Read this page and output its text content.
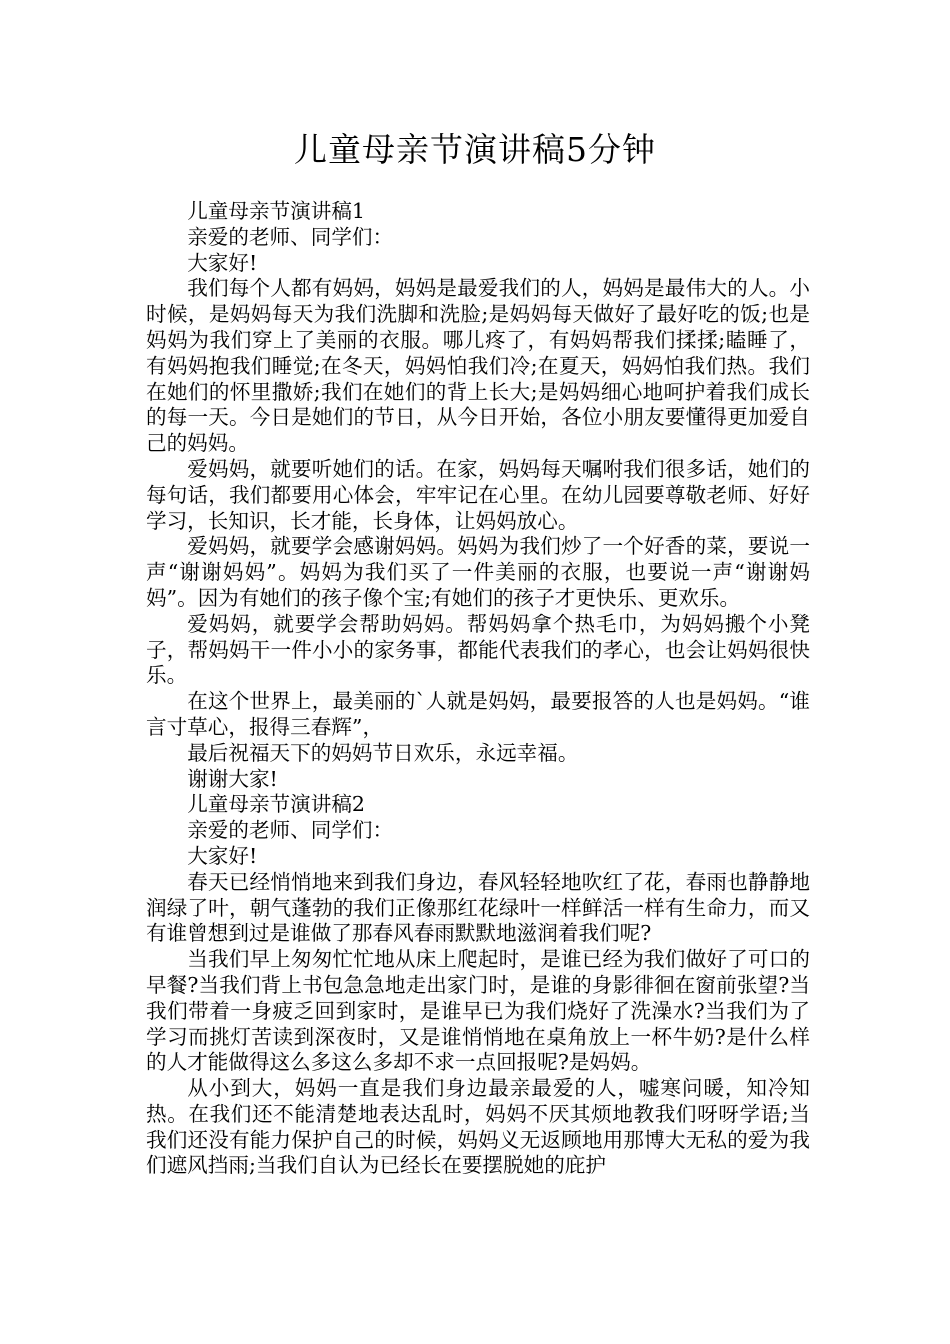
儿童母亲节演讲稿5分钟

儿童母亲节演讲稿1

亲爱的老师、同学们：

大家好!

我们每个人都有妈妈，妈妈是最爱我们的人，妈妈是最伟大的人。小时候，是妈妈每天为我们洗脚和洗脸;是妈妈每天做好了最好吃的饭;也是妈妈为我们穿上了美丽的衣服。哪儿疼了，有妈妈帮我们揉揉;瞌睡了，有妈妈抱我们睡觉;在冬天，妈妈怕我们冷;在夏天，妈妈怕我们热。我们在她们的怀里撒娇;我们在她们的背上长大;是妈妈细心地呵护着我们成长的每一天。今日是她们的节日，从今日开始，各位小朋友要懂得更加爱自己的妈妈。

爱妈妈，就要听她们的话。在家，妈妈每天嘱咐我们很多话，她们的每句话，我们都要用心体会，牢牢记在心里。在幼儿园要尊敬老师、好好学习，长知识，长才能，长身体，让妈妈放心。

爱妈妈，就要学会感谢妈妈。妈妈为我们炒了一个好香的菜，要说一声“谢谢妈妈”。妈妈为我们买了一件美丽的衣服，也要说一声“谢谢妈妈”。因为有她们的孩子像个宝;有她们的孩子才更快乐、更欢乐。

爱妈妈，就要学会帮助妈妈。帮妈妈拿个热毛巾，为妈妈搬个小凳子，帮妈妈干一件小小的家务事，都能代表我们的孝心，也会让妈妈很快乐。

在这个世界上，最美丽的`人就是妈妈，最要报答的人也是妈妈。“谁言寸草心，报得三春辉”，

最后祝福天下的妈妈节日欢乐，永远幸福。

谢谢大家!

儿童母亲节演讲稿2

亲爱的老师、同学们：

大家好!

春天已经悄悄地来到我们身边，春风轻轻地吹红了花，春雨也静静地润绿了叶，朝气蓬勃的我们正像那红花绿叶一样鲜活一样有生命力，而又有谁曾想到过是谁做了那春风春雨默默地滋润着我们呢?

当我们早上匆匆忙忙地从床上爬起时，是谁已经为我们做好了可口的早餐?当我们背上书包急急地走出家门时，是谁的身影徘徊在窗前张望?当我们带着一身疲乏回到家时，是谁早已为我们烧好了洗澡水?当我们为了学习而挑灯苦读到深夜时，又是谁悄悄地在桌角放上一杯牛奶?是什么样的人才能做得这么多这么多却不求一点回报呢?是妈妈。

从小到大，妈妈一直是我们身边最亲最爱的人，嘘寒问暖，知冷知热。在我们还不能清楚地表达乱时，妈妈不厌其烦地教我们呀呀学语;当我们还没有能力保护自己的时候，妈妈义无返顾地用那博大无私的爱为我们遮风挡雨;当我们自认为已经长在要摆脱她的庇护
